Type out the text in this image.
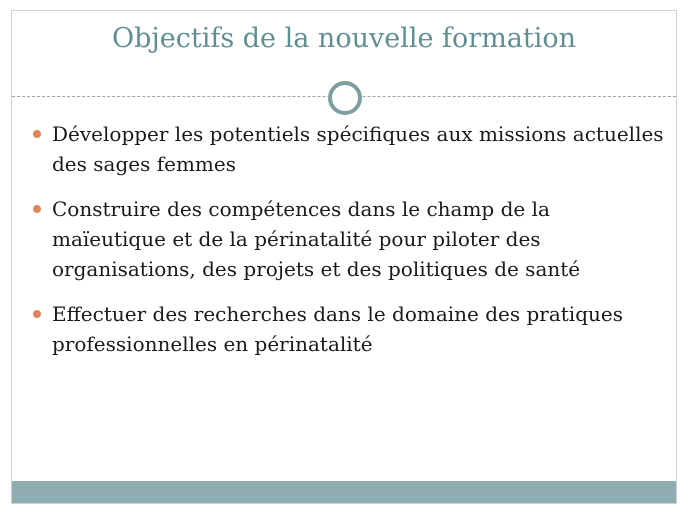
Objectifs de la nouvelle formation
Développer les potentiels spécifiques aux missions actuelles des sages femmes
Construire des compétences dans le champ de la maïeutique et de la périnatalité pour piloter des organisations, des projets et des politiques de santé
Effectuer des recherches dans le domaine des pratiques professionnelles en périnatalité
